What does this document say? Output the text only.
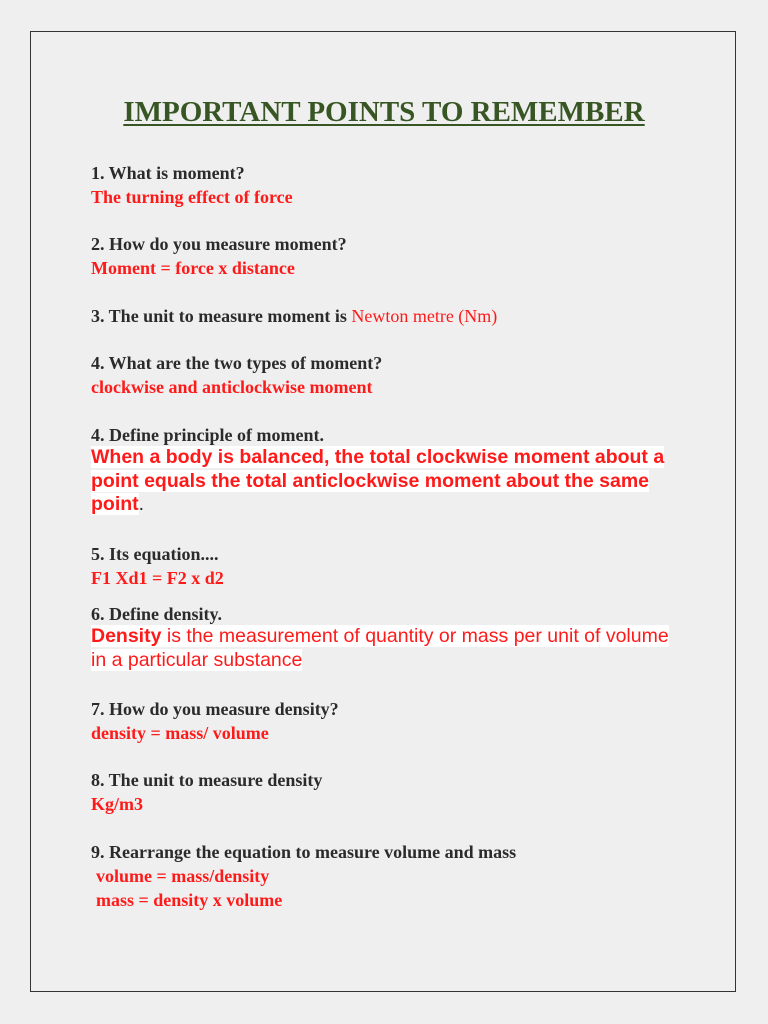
IMPORTANT POINTS TO REMEMBER

1. What is moment?

The turning effect of force

2. How do you measure moment?

Moment = force x distance

3. The unit to measure moment is Newton metre (Nm)

4. What are the two types of moment?

clockwise and anticlockwise moment

4. Define principle of moment.

When a body is balanced, the total clockwise moment about a
point equals the total anticlockwise moment about the same
point.

5. Its equation....

F1 Xd1 = F2 x d2

6. Define density.

Density is the measurement of quantity or mass per unit of volume
in a particular substance

7. How do you measure density?

density = mass/ volume

8. The unit to measure density

Kg/m3

9. Rearrange the equation to measure volume and mass

volume = mass/density

mass = density x volume
